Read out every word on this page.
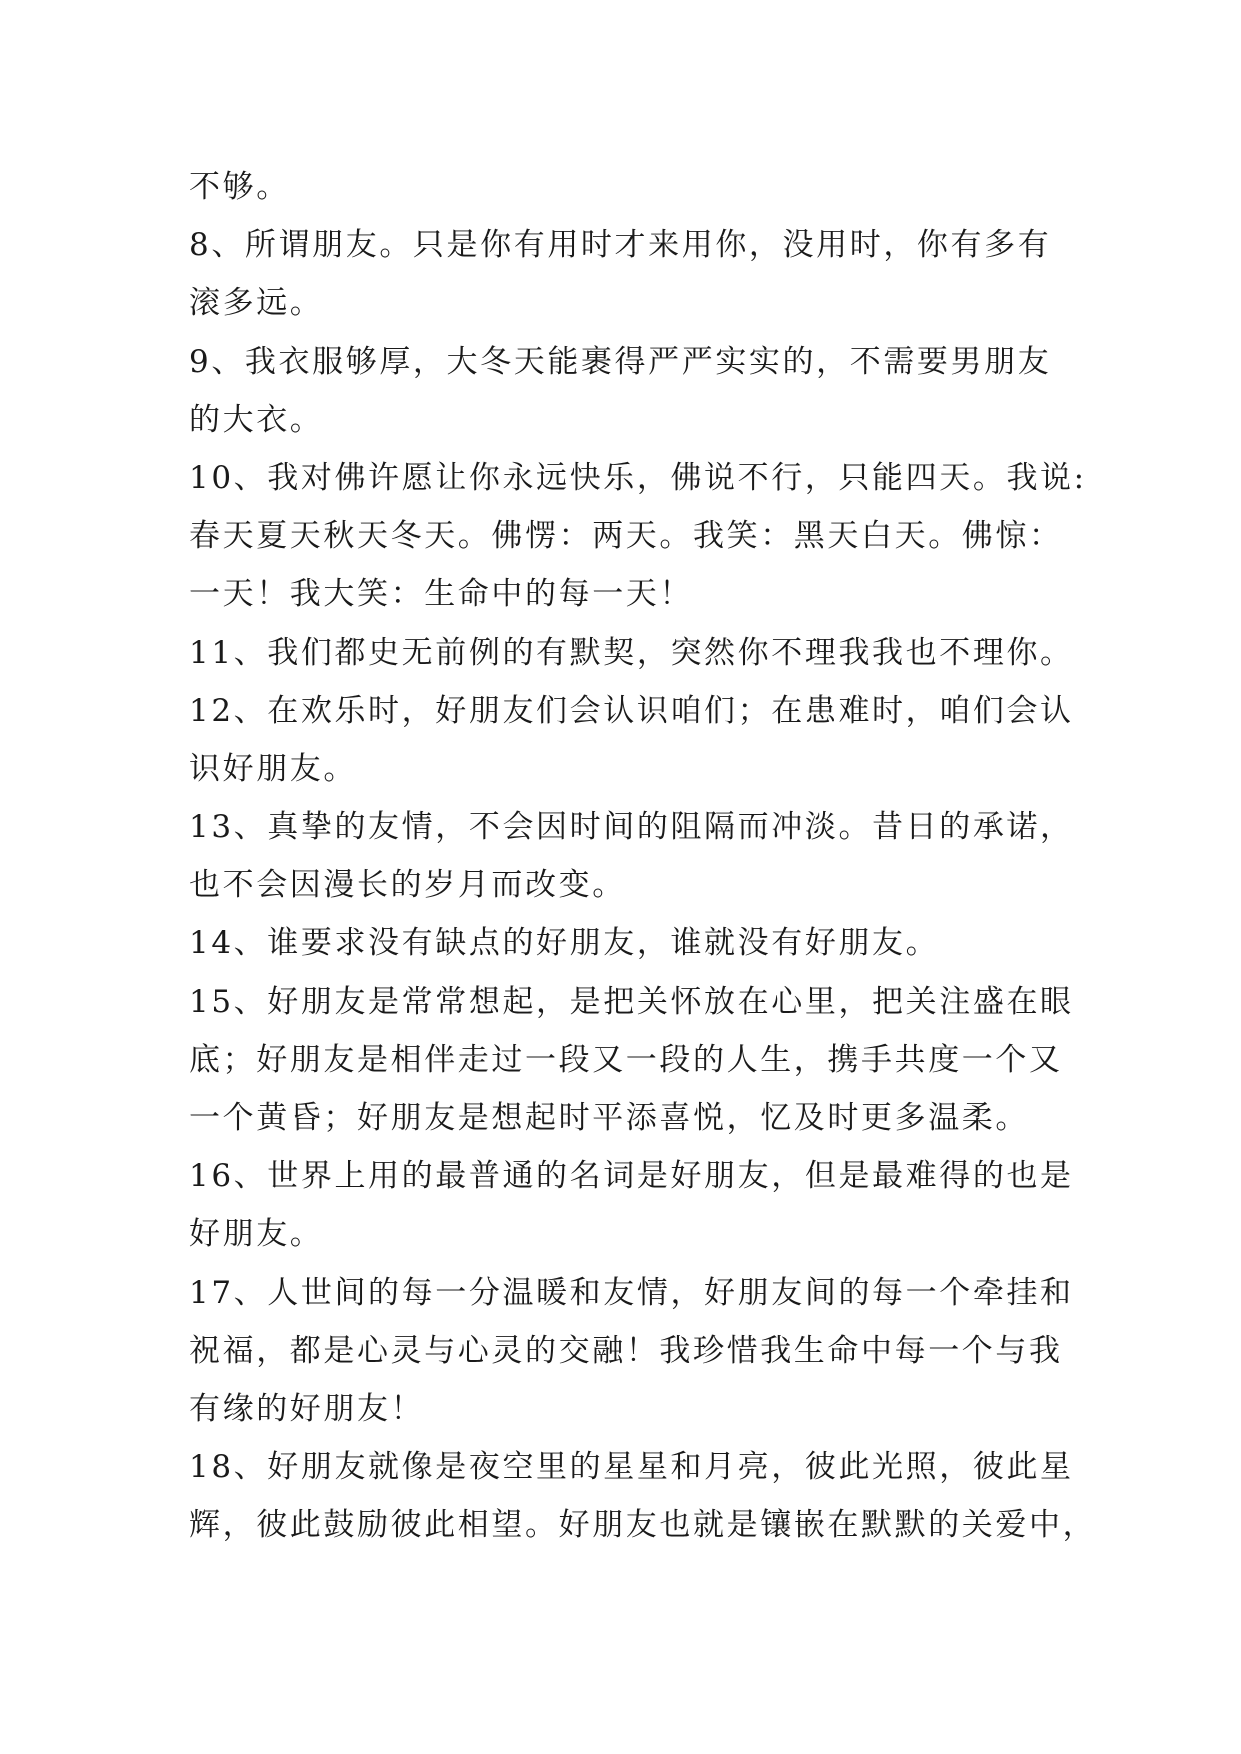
不够。
8、所谓朋友。只是你有用时才来用你，没用时，你有多有
滚多远。
9、我衣服够厚，大冬天能裹得严严实实的，不需要男朋友
的大衣。
10、我对佛许愿让你永远快乐，佛说不行，只能四天。我说:
春天夏天秋天冬天。佛愣：两天。我笑：黑天白天。佛惊：
一天！我大笑：生命中的每一天！
11、我们都史无前例的有默契，突然你不理我我也不理你。
12、在欢乐时，好朋友们会认识咱们；在患难时，咱们会认
识好朋友。
13、真挚的友情，不会因时间的阻隔而冲淡。昔日的承诺，
也不会因漫长的岁月而改变。
14、谁要求没有缺点的好朋友，谁就没有好朋友。
15、好朋友是常常想起，是把关怀放在心里，把关注盛在眼
底；好朋友是相伴走过一段又一段的人生，携手共度一个又
一个黄昏；好朋友是想起时平添喜悦，忆及时更多温柔。
16、世界上用的最普通的名词是好朋友，但是最难得的也是
好朋友。
17、人世间的每一分温暖和友情，好朋友间的每一个牵挂和
祝福，都是心灵与心灵的交融！我珍惜我生命中每一个与我
有缘的好朋友！
18、好朋友就像是夜空里的星星和月亮，彼此光照，彼此星
辉，彼此鼓励彼此相望。好朋友也就是镶嵌在默默的关爱中，
